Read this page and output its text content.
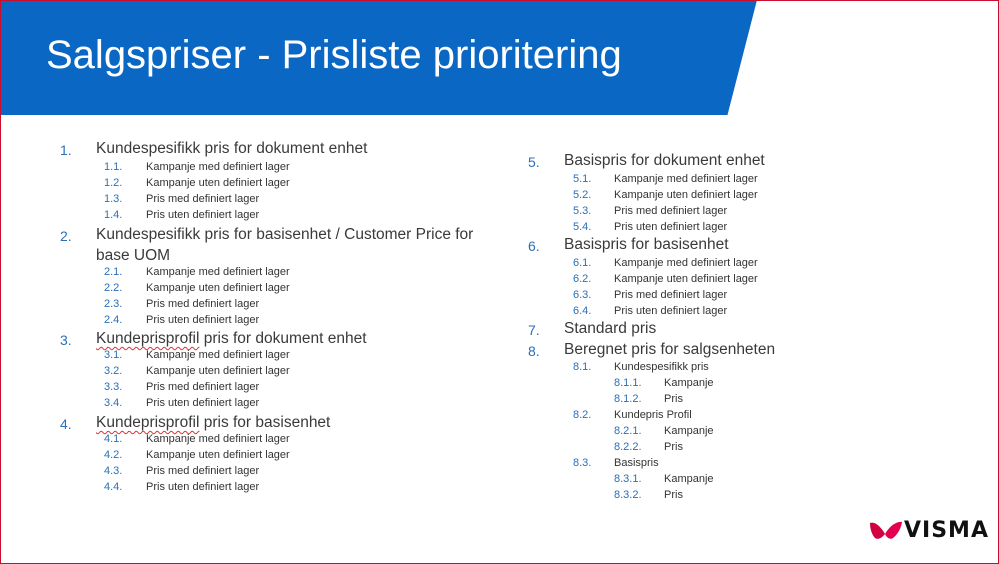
Salgspriser - Prisliste prioritering
1. Kundespesifikk pris for dokument enhet
1.1. Kampanje med definiert lager
1.2. Kampanje uten definiert lager
1.3. Pris med definiert lager
1.4. Pris uten definiert lager
2. Kundespesifikk pris for basisenhet / Customer Price for
base UOM
2.1. Kampanje med definiert lager
2.2. Kampanje uten definiert lager
2.3. Pris med definiert lager
2.4. Pris uten definiert lager
3. Kundeprisprofil pris for dokument enhet
3.1. Kampanje med definiert lager
3.2. Kampanje uten definiert lager
3.3. Pris med definiert lager
3.4. Pris uten definiert lager
4. Kundeprisprofil pris for basisenhet
4.1. Kampanje med definiert lager
4.2. Kampanje uten definiert lager
4.3. Pris med definiert lager
4.4. Pris uten definiert lager
5. Basispris for dokument enhet
5.1. Kampanje med definiert lager
5.2. Kampanje uten definiert lager
5.3. Pris med definiert lager
5.4. Pris uten definiert lager
6. Basispris for basisenhet
6.1. Kampanje med definiert lager
6.2. Kampanje uten definiert lager
6.3. Pris med definiert lager
6.4. Pris uten definiert lager
7. Standard pris
8. Beregnet pris for salgsenheten
8.1. Kundespesifikk pris
8.1.1. Kampanje
8.1.2. Pris
8.2. Kundepris Profil
8.2.1. Kampanje
8.2.2. Pris
8.3. Basispris
8.3.1. Kampanje
8.3.2. Pris
VISMA
